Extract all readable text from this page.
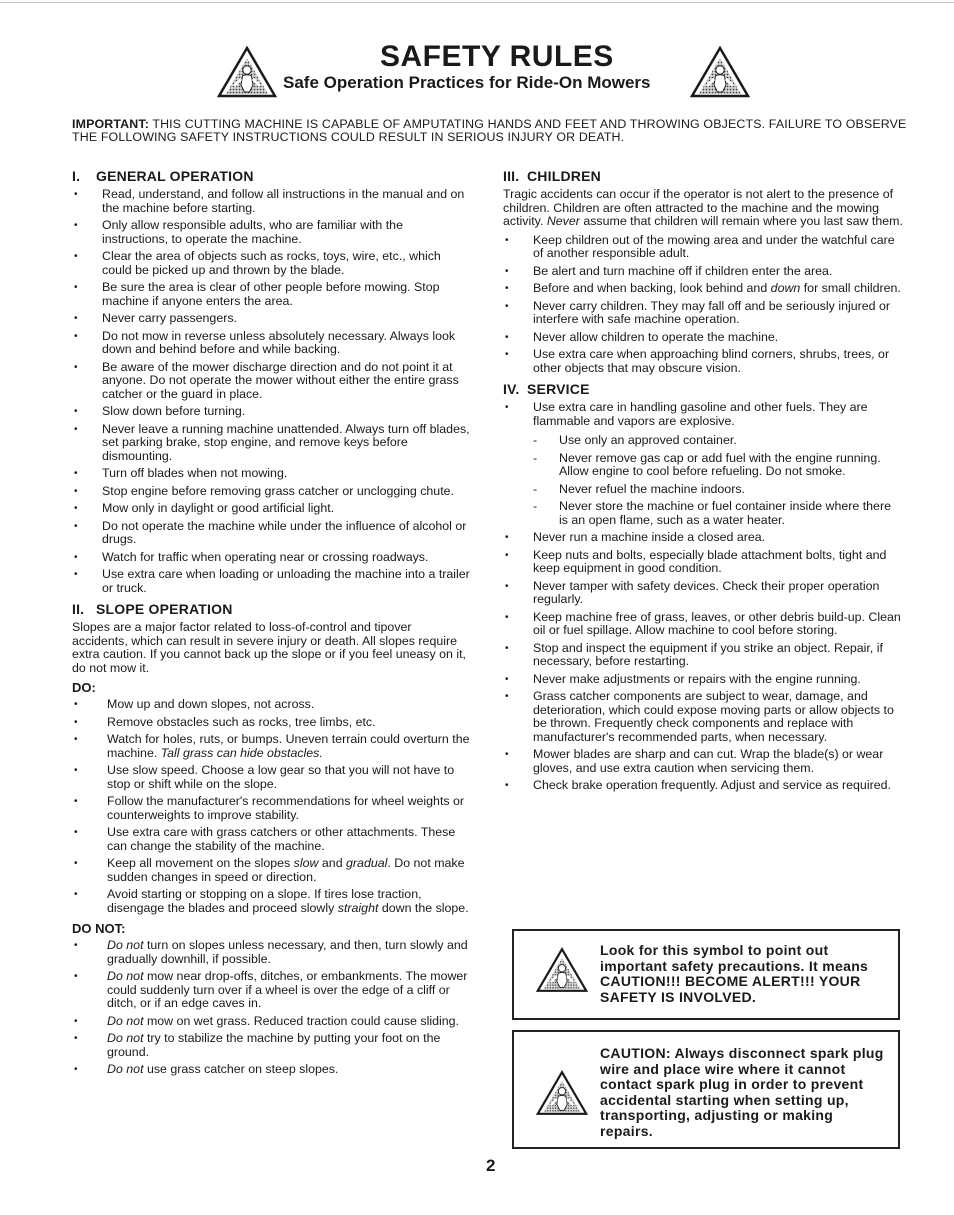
SAFETY RULES

Safe Operation Practices for Ride-On Mowers

IMPORTANT: THIS CUTTING MACHINE IS CAPABLE OF AMPUTATING HANDS AND FEET AND THROWING OBJECTS. FAILURE TO OBSERVE THE FOLLOWING SAFETY INSTRUCTIONS COULD RESULT IN SERIOUS INJURY OR DEATH.

I. GENERAL OPERATION
• Read, understand, and follow all instructions in the manual and on the machine before starting.
• Only allow responsible adults, who are familiar with the instructions, to operate the machine.
• Clear the area of objects such as rocks, toys, wire, etc., which could be picked up and thrown by the blade.
• Be sure the area is clear of other people before mowing. Stop machine if anyone enters the area.
• Never carry passengers.
• Do not mow in reverse unless absolutely necessary. Always look down and behind before and while backing.
• Be aware of the mower discharge direction and do not point it at anyone. Do not operate the mower without either the entire grass catcher or the guard in place.
• Slow down before turning.
• Never leave a running machine unattended. Always turn off blades, set parking brake, stop engine, and remove keys before dismounting.
• Turn off blades when not mowing.
• Stop engine before removing grass catcher or unclogging chute.
• Mow only in daylight or good artificial light.
• Do not operate the machine while under the influence of alcohol or drugs.
• Watch for traffic when operating near or crossing roadways.
• Use extra care when loading or unloading the machine into a trailer or truck.
II. SLOPE OPERATION

Slopes are a major factor related to loss-of-control and tipover accidents, which can result in severe injury or death. All slopes require extra caution. If you cannot back up the slope or if you feel uneasy on it, do not mow it.

DO:
• Mow up and down slopes, not across.
• Remove obstacles such as rocks, tree limbs, etc.
• Watch for holes, ruts, or bumps. Uneven terrain could overturn the machine. Tall grass can hide obstacles.
• Use slow speed. Choose a low gear so that you will not have to stop or shift while on the slope.
• Follow the manufacturer's recommendations for wheel weights or counterweights to improve stability.
• Use extra care with grass catchers or other attachments. These can change the stability of the machine.
• Keep all movement on the slopes slow and gradual. Do not make sudden changes in speed or direction.
• Avoid starting or stopping on a slope. If tires lose traction, disengage the blades and proceed slowly straight down the slope.
DO NOT:
• Do not turn on slopes unless necessary, and then, turn slowly and gradually downhill, if possible.
• Do not mow near drop-offs, ditches, or embankments. The mower could suddenly turn over if a wheel is over the edge of a cliff or ditch, or if an edge caves in.
• Do not mow on wet grass. Reduced traction could cause sliding.
• Do not try to stabilize the machine by putting your foot on the ground.
• Do not use grass catcher on steep slopes.
III. CHILDREN

Tragic accidents can occur if the operator is not alert to the presence of children. Children are often attracted to the machine and the mowing activity. Never assume that children will remain where you last saw them.

• Keep children out of the mowing area and under the watchful care of another responsible adult.
• Be alert and turn machine off if children enter the area.
• Before and when backing, look behind and down for small children.
• Never carry children. They may fall off and be seriously injured or interfere with safe machine operation.
• Never allow children to operate the machine.
• Use extra care when approaching blind corners, shrubs, trees, or other objects that may obscure vision.
IV. SERVICE
• Use extra care in handling gasoline and other fuels. They are flammable and vapors are explosive.
- Use only an approved container.
- Never remove gas cap or add fuel with the engine running. Allow engine to cool before refueling. Do not smoke.
- Never refuel the machine indoors.
- Never store the machine or fuel container inside where there is an open flame, such as a water heater.
• Never run a machine inside a closed area.
• Keep nuts and bolts, especially blade attachment bolts, tight and keep equipment in good condition.
• Never tamper with safety devices. Check their proper operation regularly.
• Keep machine free of grass, leaves, or other debris build-up. Clean oil or fuel spillage. Allow machine to cool before storing.
• Stop and inspect the equipment if you strike an object. Repair, if necessary, before restarting.
• Never make adjustments or repairs with the engine running.
• Grass catcher components are subject to wear, damage, and deterioration, which could expose moving parts or allow objects to be thrown. Frequently check components and replace with manufacturer's recommended parts, when necessary.
• Mower blades are sharp and can cut. Wrap the blade(s) or wear gloves, and use extra caution when servicing them.
• Check brake operation frequently. Adjust and service as required.
Look for this symbol to point out important safety precautions. It means CAUTION!!! BECOME ALERT!!! YOUR SAFETY IS INVOLVED.
CAUTION: Always disconnect spark plug wire and place wire where it cannot contact spark plug in order to prevent accidental starting when setting up, transporting, adjusting or making repairs.
2
